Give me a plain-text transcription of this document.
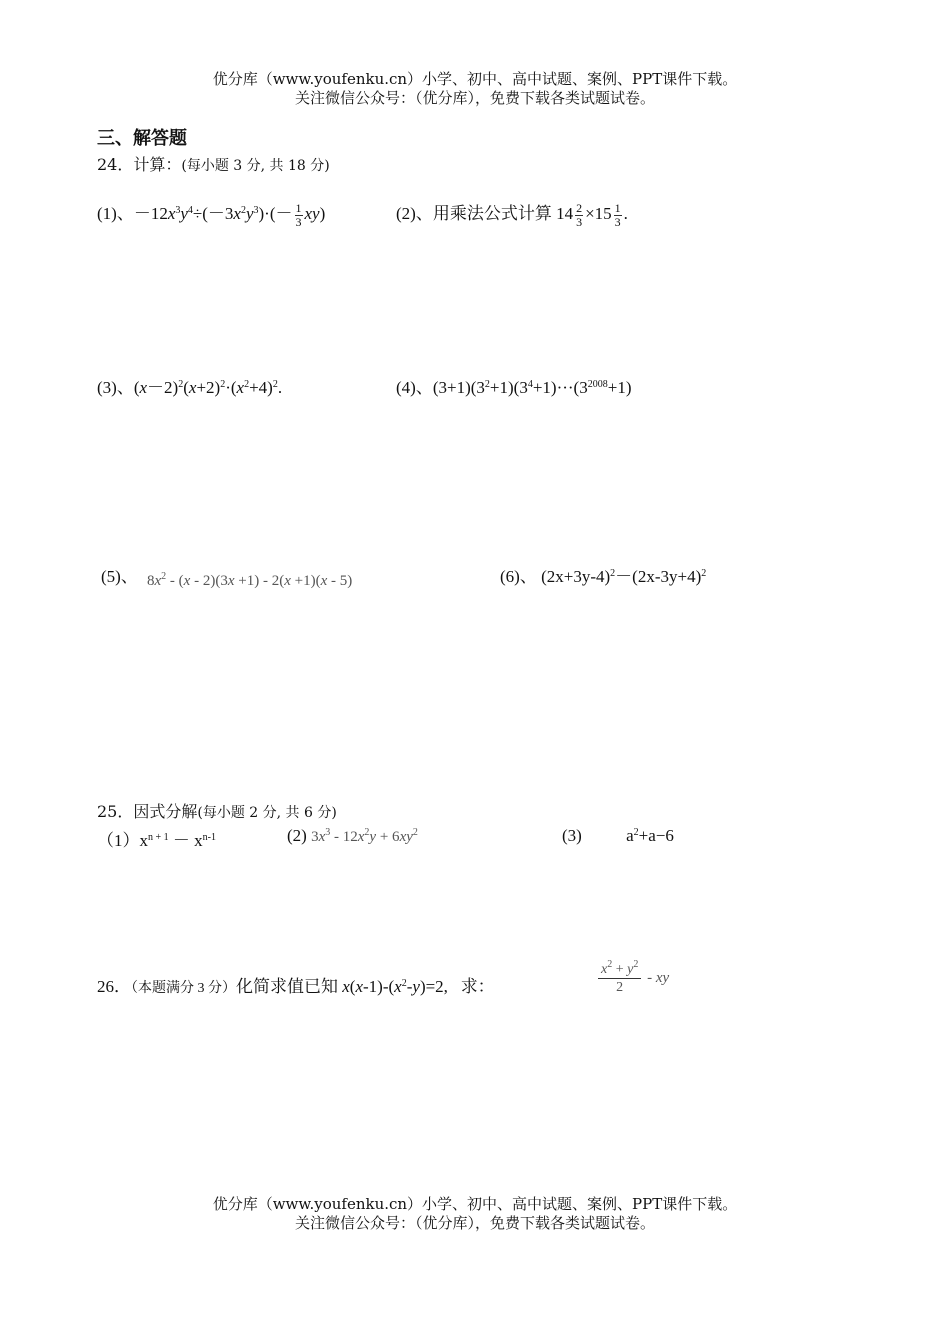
优分库（www.youfenku.cn）小学、初中、高中试题、案例、PPT课件下载。
关注微信公众号：（优分库），免费下载各类试题试卷。
三、解答题
24．计算：(每小题 3 分, 共 18 分)
(1)、$-12x^3y^4\div(-3x^2y^3)\cdot(- \frac{1}{3} xy)$	(2)、用乘法公式计算 $14 \frac{2}{3} \times 15 \frac{1}{3}$ .
(3)、$(x-2)^2(x+2)^2\cdot(x^2+4)^2$.	(4)、$(3+1)(3^2+1)(3^4+1)\cdot\cdot\cdot(3^{2008}+1)$
(5)、 $8x^2 - (x - 2)(3x +1) - 2(x +1)(x - 5)$	(6)、 $(2x+3y-4)^2-(2x-3y+4)^2$
25．因式分解(每小题 2 分, 共 6 分)
$(1)x^{n + 1} - x^{n-1}$	(2) $3x^3 - 12x^2y + 6xy^2$	(3)	$a^2+a-6$
26．（本题满分 3 分）化简求值已知 $x(x-1)-(x^2-y)=2$, 求：	$\frac{x^2 + y^2}{2}$ - xy
优分库（www.youfenku.cn）小学、初中、高中试题、案例、PPT课件下载。
关注微信公众号：（优分库），免费下载各类试题试卷。
